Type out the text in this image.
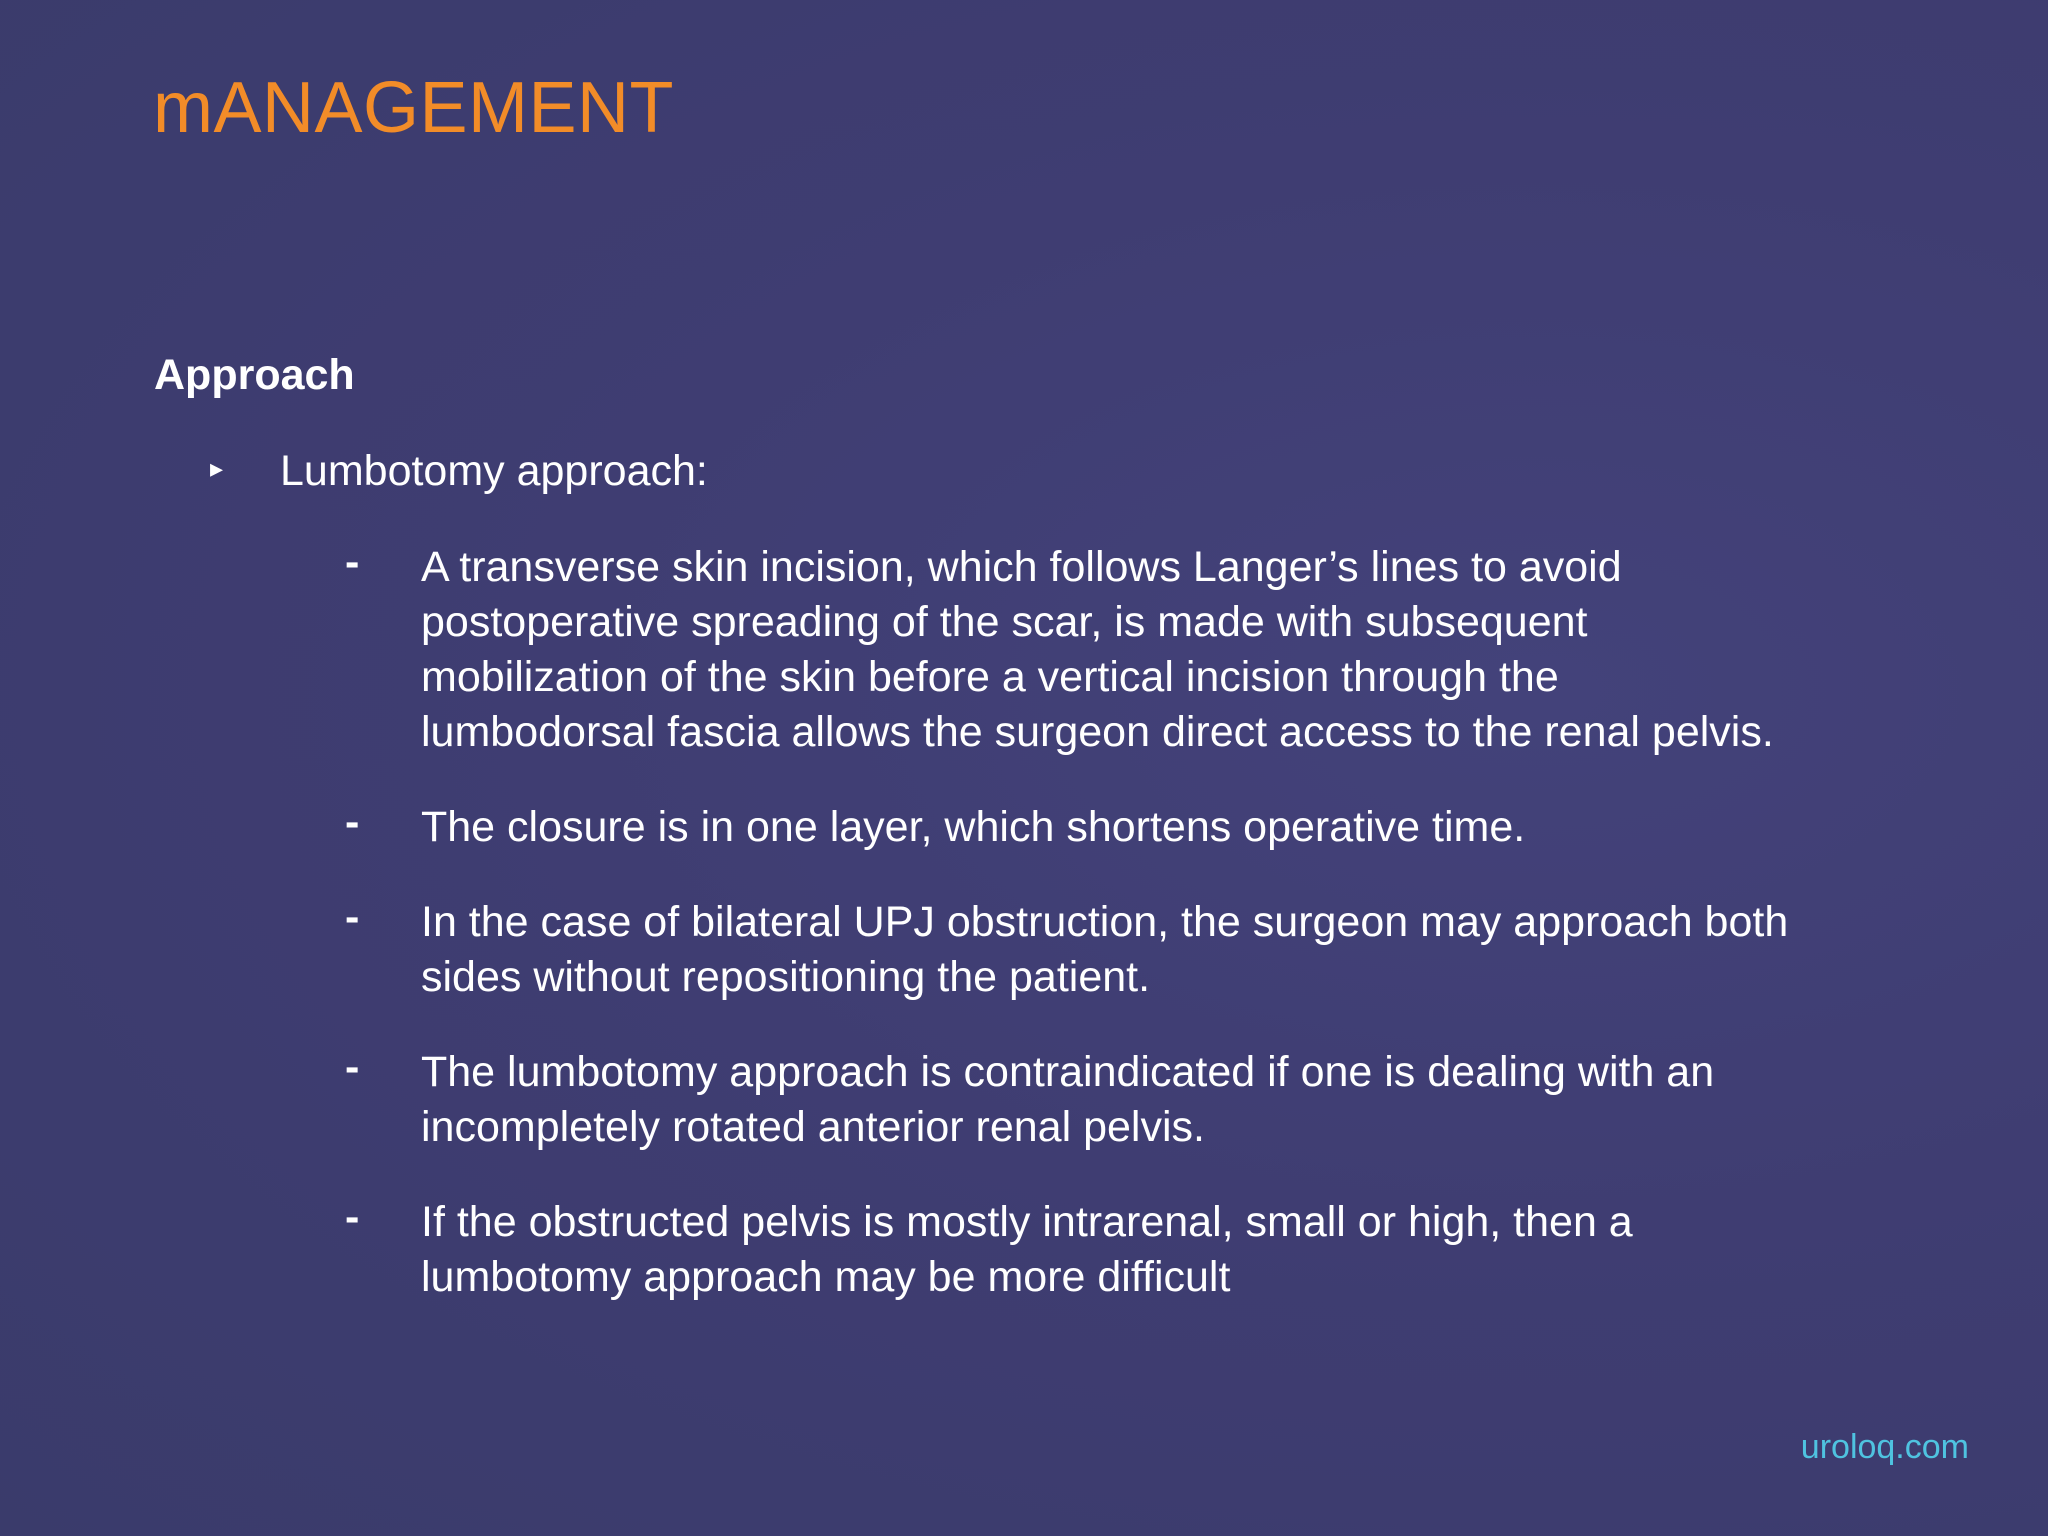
mANAGEMENT
Approach
▸ Lumbotomy approach:
- A transverse skin incision, which follows Langer’s lines to avoid
postoperative spreading of the scar, is made with subsequent
mobilization of the skin before a vertical incision through the
lumbodorsal fascia allows the surgeon direct access to the renal pelvis.
- The closure is in one layer, which shortens operative time.
- In the case of bilateral UPJ obstruction, the surgeon may approach both
sides without repositioning the patient.
- The lumbotomy approach is contraindicated if one is dealing with an
incompletely rotated anterior renal pelvis.
- If the obstructed pelvis is mostly intrarenal, small or high, then a
lumbotomy approach may be more difficult
uroloq.com
